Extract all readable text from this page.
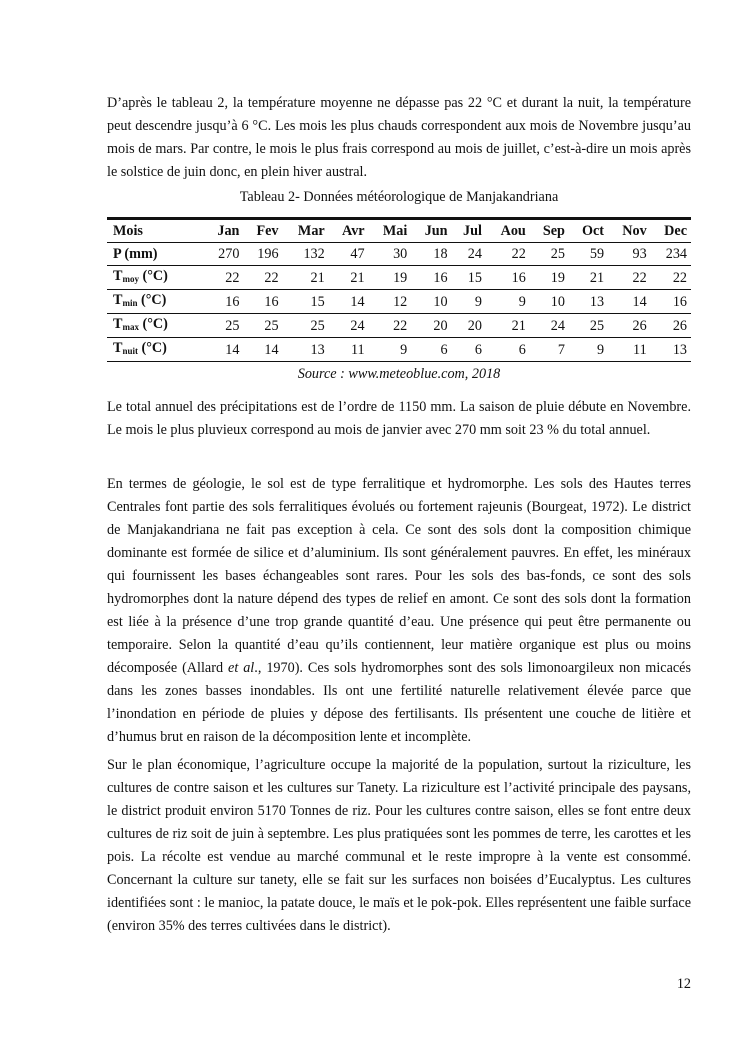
D’après le tableau 2, la température moyenne ne dépasse pas 22 °C et durant la nuit, la température peut descendre jusqu’à 6 °C. Les mois les plus chauds correspondent aux mois de Novembre jusqu’au mois de mars. Par contre, le mois le plus frais correspond au mois de juillet, c’est-à-dire un mois après le solstice de juin donc, en plein hiver austral.

Tableau 2- Données météorologique de Manjakandriana

Mois	Jan	Fev	Mar	Avr	Mai	Jun	Jul	Aou	Sep	Oct	Nov	Dec
P (mm)	270	196	132	47	30	18	24	22	25	59	93	234
$T_{moy}$ (°C)	22	22	21	21	19	16	15	16	19	21	22	22
$T_{min}$ (°C)	16	16	15	14	12	10	9	9	10	13	14	16
$T_{max}$ (°C)	25	25	25	24	22	20	20	21	24	25	26	26
$T_{nuit}$ (°C)	14	14	13	11	9	6	6	6	7	9	11	13
Source : www.meteoblue.com, 2018

Le total annuel des précipitations est de l’ordre de 1150 mm. La saison de pluie débute en Novembre. Le mois le plus pluvieux correspond au mois de janvier avec 270 mm soit 23 % du total annuel.

En termes de géologie, le sol est de type ferralitique et hydromorphe. Les sols des Hautes terres Centrales font partie des sols ferralitiques évolués ou fortement rajeunis (Bourgeat, 1972). Le district de Manjakandriana ne fait pas exception à cela. Ce sont des sols dont la composition chimique dominante est formée de silice et d’aluminium. Ils sont généralement pauvres. En effet, les minéraux qui fournissent les bases échangeables sont rares. Pour les sols des bas-fonds, ce sont des sols hydromorphes dont la nature dépend des types de relief en amont. Ce sont des sols dont la formation est liée à la présence d’une trop grande quantité d’eau. Une présence qui peut être permanente ou temporaire. Selon la quantité d’eau qu’ils contiennent, leur matière organique est plus ou moins décomposée (Allard et al., 1970). Ces sols hydromorphes sont des sols limonoargileux non micacés dans les zones basses inondables. Ils ont une fertilité naturelle relativement élevée parce que l’inondation en période de pluies y dépose des fertilisants. Ils présentent une couche de litière et d’humus brut en raison de la décomposition lente et incomplète.

Sur le plan économique, l’agriculture occupe la majorité de la population, surtout la riziculture, les cultures de contre saison et les cultures sur Tanety. La riziculture est l’activité principale des paysans, le district produit environ 5170 Tonnes de riz. Pour les cultures contre saison, elles se font entre deux cultures de riz soit de juin à septembre. Les plus pratiquées sont les pommes de terre, les carottes et les pois. La récolte est vendue au marché communal et le reste impropre à la vente est consommé. Concernant la culture sur tanety, elle se fait sur les surfaces non boisées d’Eucalyptus. Les cultures identifiées sont : le manioc, la patate douce, le maïs et le pok-pok. Elles représentent une faible surface (environ 35% des terres cultivées dans le district).

12
